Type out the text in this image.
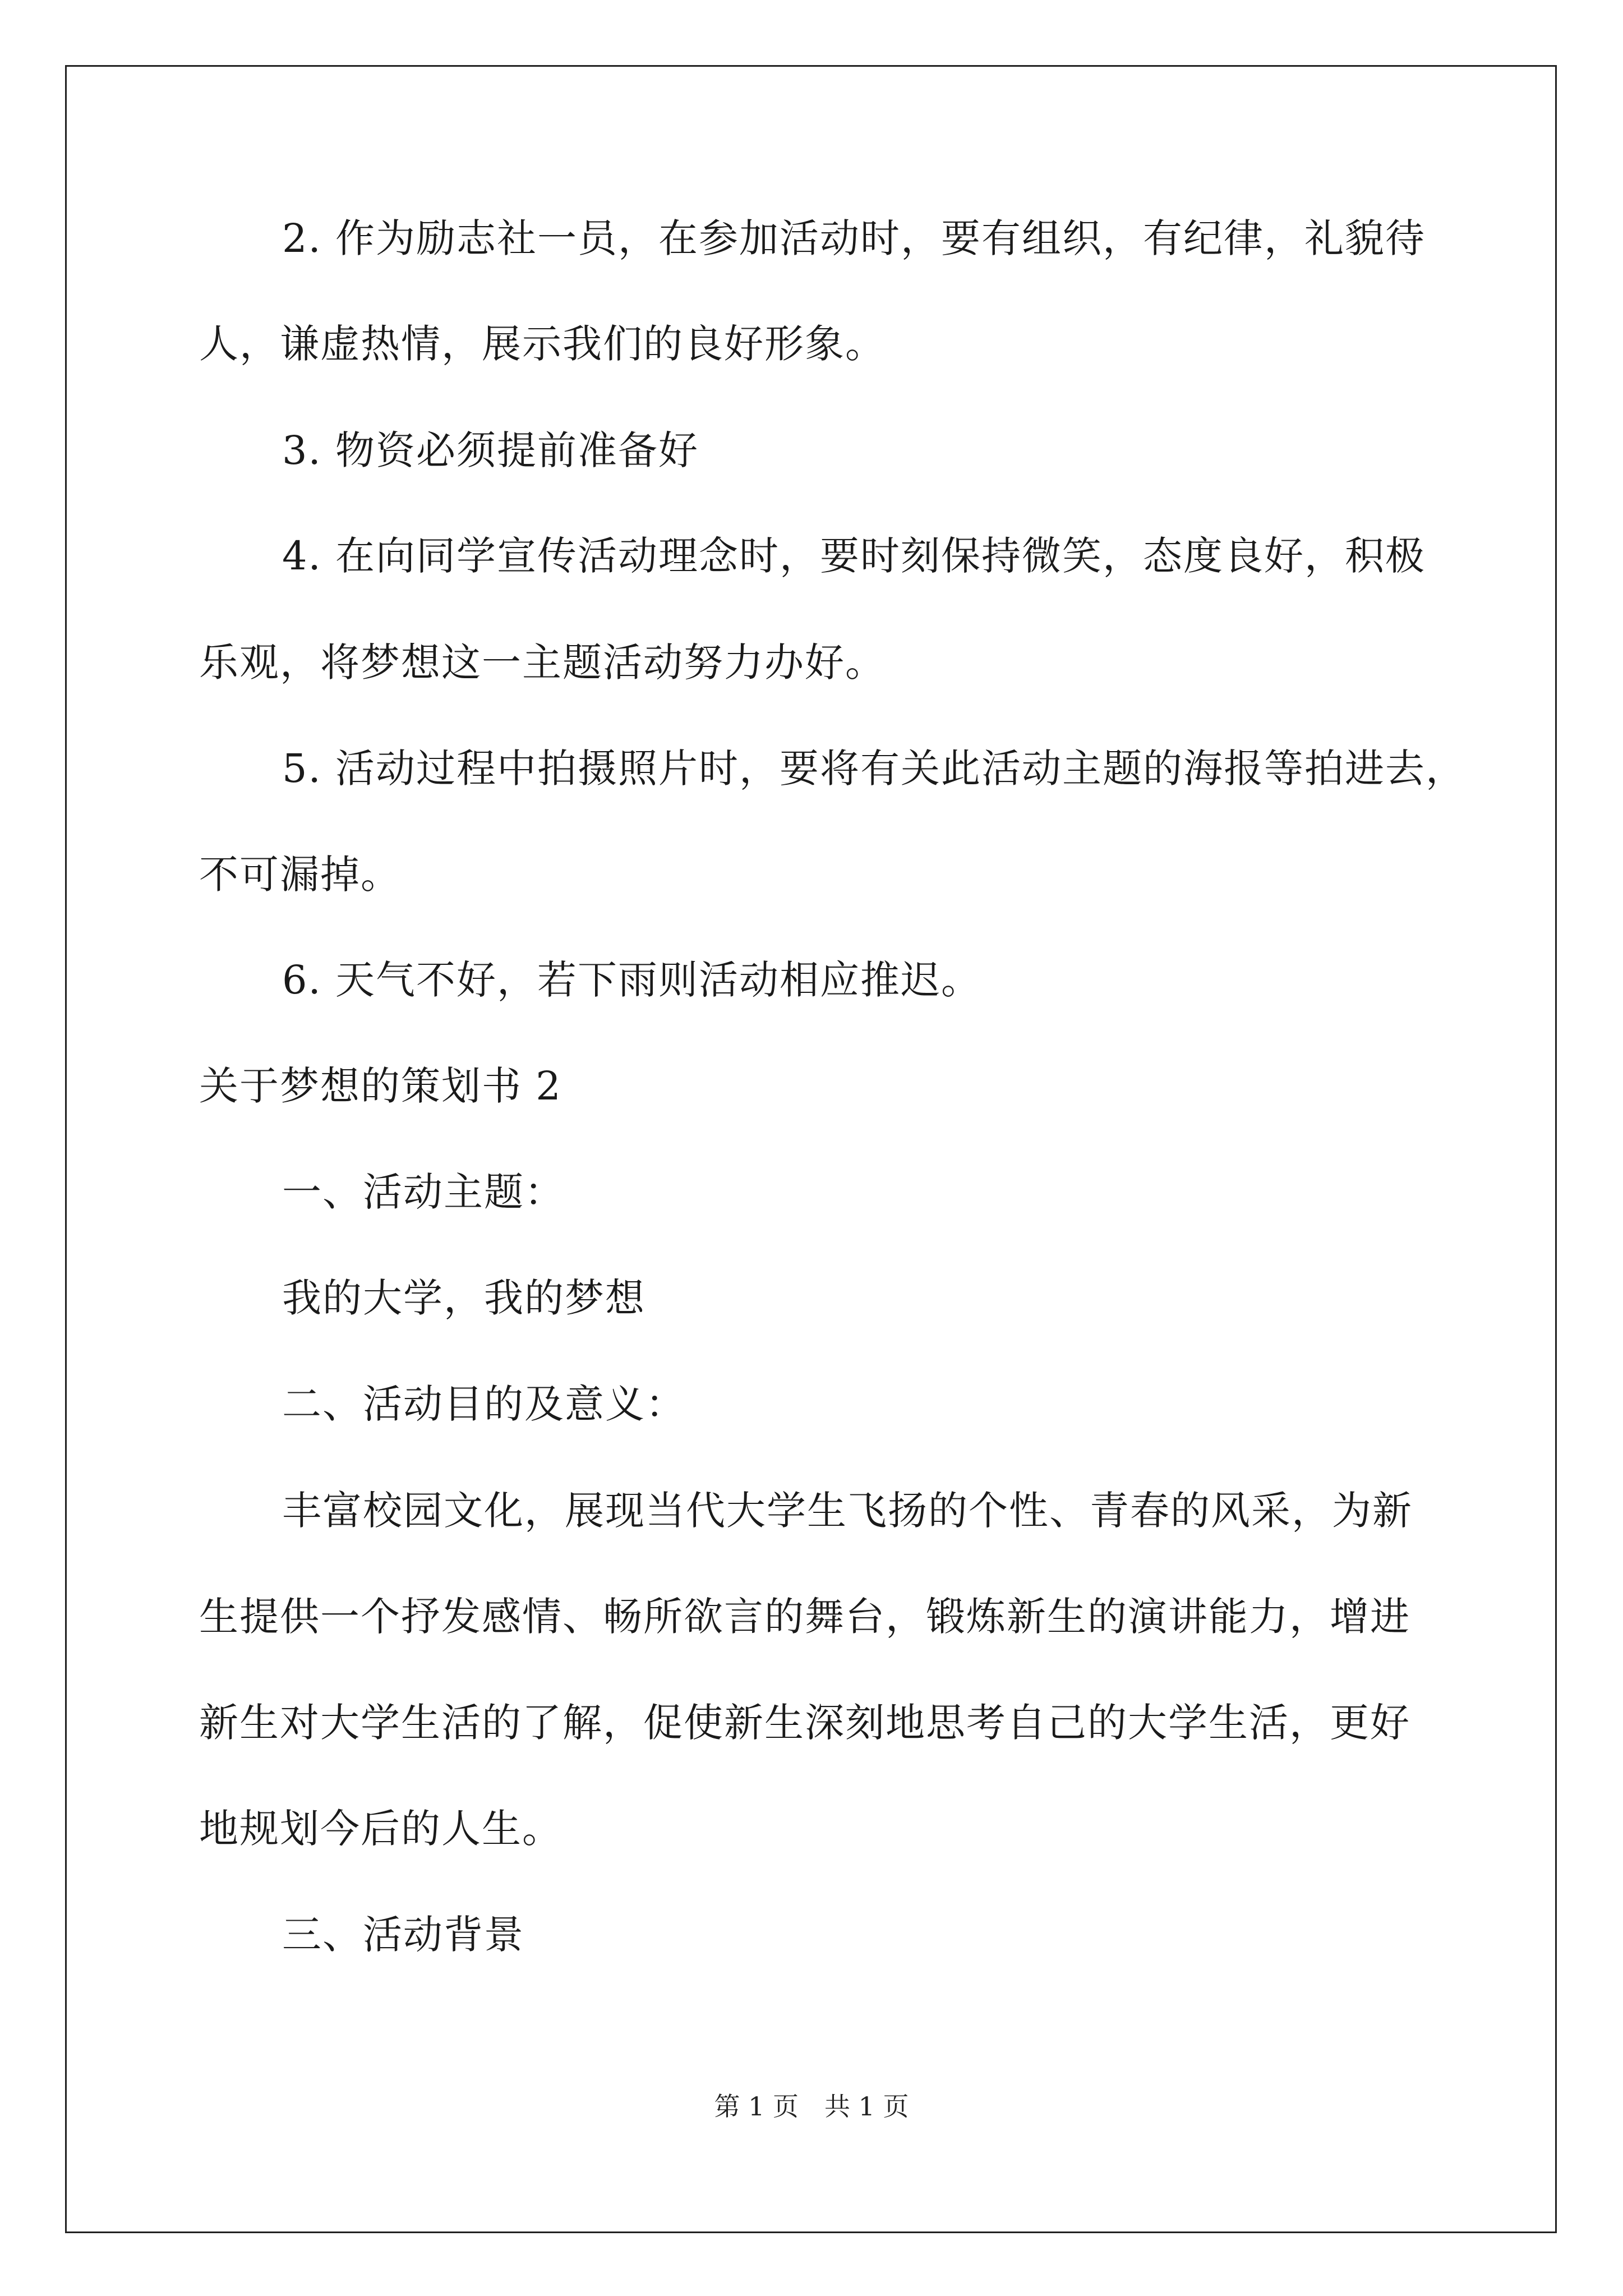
2. 作为励志社一员，在参加活动时，要有组织，有纪律，礼貌待
人，谦虚热情，展示我们的良好形象。
3. 物资必须提前准备好
4. 在向同学宣传活动理念时，要时刻保持微笑，态度良好，积极
乐观，将梦想这一主题活动努力办好。
5. 活动过程中拍摄照片时，要将有关此活动主题的海报等拍进去，
不可漏掉。
6. 天气不好，若下雨则活动相应推迟。
关于梦想的策划书 2
一、活动主题：
我的大学，我的梦想
二、活动目的及意义：
丰富校园文化，展现当代大学生飞扬的个性、青春的风采，为新
生提供一个抒发感情、畅所欲言的舞台，锻炼新生的演讲能力，增进
新生对大学生活的了解，促使新生深刻地思考自己的大学生活，更好
地规划今后的人生。
三、活动背景
第 1 页　共 1 页
